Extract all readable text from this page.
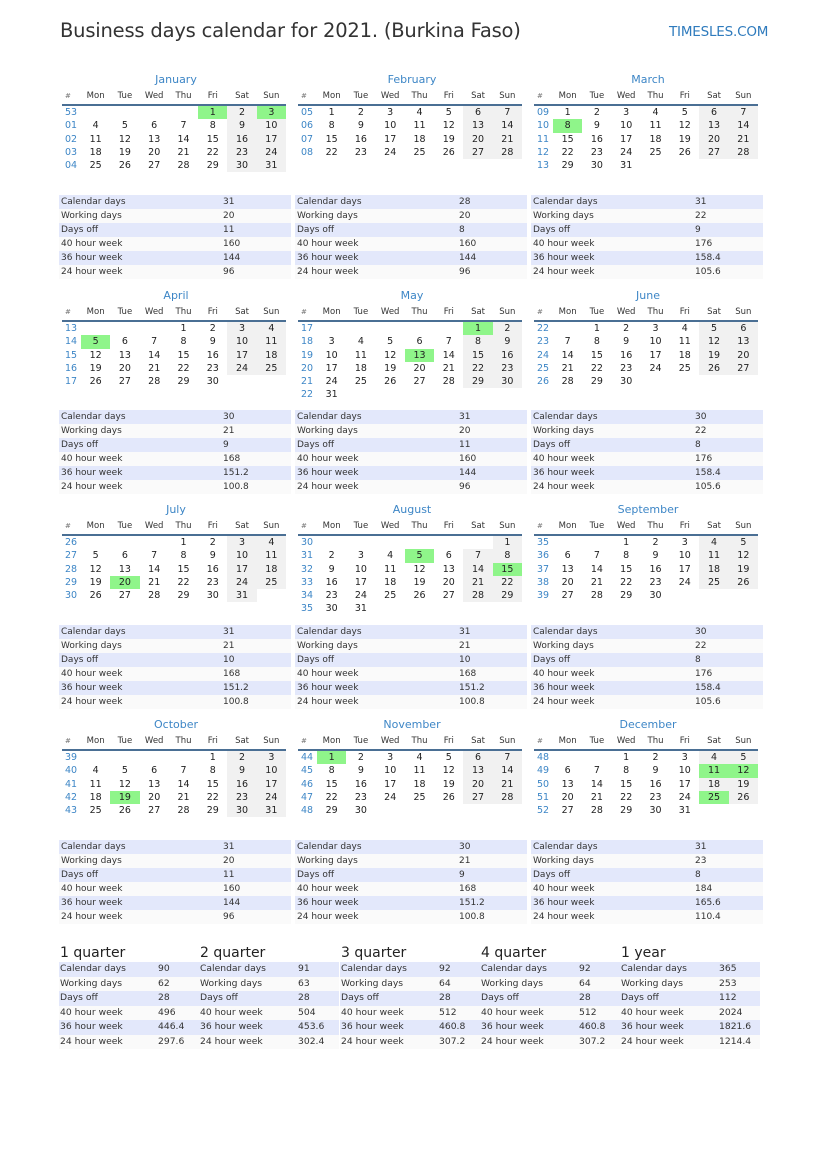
Business days calendar for 2021. (Burkina Faso)	TIMESLES.COM
January
#	Mon	Tue	Wed	Thu	Fri	Sat	Sun
53					1	2	3
01	4	5	6	7	8	9	10
02	11	12	13	14	15	16	17
03	18	19	20	21	22	23	24
04	25	26	27	28	29	30	31
Calendar days	31
Working days	20
Days off	11
40 hour week	160
36 hour week	144
24 hour week	96
February
#	Mon	Tue	Wed	Thu	Fri	Sat	Sun
05	1	2	3	4	5	6	7
06	8	9	10	11	12	13	14
07	15	16	17	18	19	20	21
08	22	23	24	25	26	27	28
Calendar days	28
Working days	20
Days off	8
40 hour week	160
36 hour week	144
24 hour week	96
March
#	Mon	Tue	Wed	Thu	Fri	Sat	Sun
09	1	2	3	4	5	6	7
10	8	9	10	11	12	13	14
11	15	16	17	18	19	20	21
12	22	23	24	25	26	27	28
13	29	30	31				
Calendar days	31
Working days	22
Days off	9
40 hour week	176
36 hour week	158.4
24 hour week	105.6
April
#	Mon	Tue	Wed	Thu	Fri	Sat	Sun
13				1	2	3	4
14	5	6	7	8	9	10	11
15	12	13	14	15	16	17	18
16	19	20	21	22	23	24	25
17	26	27	28	29	30		
Calendar days	30
Working days	21
Days off	9
40 hour week	168
36 hour week	151.2
24 hour week	100.8
May
#	Mon	Tue	Wed	Thu	Fri	Sat	Sun
17						1	2
18	3	4	5	6	7	8	9
19	10	11	12	13	14	15	16
20	17	18	19	20	21	22	23
21	24	25	26	27	28	29	30
22	31						
Calendar days	31
Working days	20
Days off	11
40 hour week	160
36 hour week	144
24 hour week	96
June
#	Mon	Tue	Wed	Thu	Fri	Sat	Sun
22		1	2	3	4	5	6
23	7	8	9	10	11	12	13
24	14	15	16	17	18	19	20
25	21	22	23	24	25	26	27
26	28	29	30				
Calendar days	30
Working days	22
Days off	8
40 hour week	176
36 hour week	158.4
24 hour week	105.6
July
#	Mon	Tue	Wed	Thu	Fri	Sat	Sun
26				1	2	3	4
27	5	6	7	8	9	10	11
28	12	13	14	15	16	17	18
29	19	20	21	22	23	24	25
30	26	27	28	29	30	31	
Calendar days	31
Working days	21
Days off	10
40 hour week	168
36 hour week	151.2
24 hour week	100.8
August
#	Mon	Tue	Wed	Thu	Fri	Sat	Sun
30							1
31	2	3	4	5	6	7	8
32	9	10	11	12	13	14	15
33	16	17	18	19	20	21	22
34	23	24	25	26	27	28	29
35	30	31					
Calendar days	31
Working days	21
Days off	10
40 hour week	168
36 hour week	151.2
24 hour week	100.8
September
#	Mon	Tue	Wed	Thu	Fri	Sat	Sun
35			1	2	3	4	5
36	6	7	8	9	10	11	12
37	13	14	15	16	17	18	19
38	20	21	22	23	24	25	26
39	27	28	29	30			
Calendar days	30
Working days	22
Days off	8
40 hour week	176
36 hour week	158.4
24 hour week	105.6
October
#	Mon	Tue	Wed	Thu	Fri	Sat	Sun
39					1	2	3
40	4	5	6	7	8	9	10
41	11	12	13	14	15	16	17
42	18	19	20	21	22	23	24
43	25	26	27	28	29	30	31
Calendar days	31
Working days	20
Days off	11
40 hour week	160
36 hour week	144
24 hour week	96
November
#	Mon	Tue	Wed	Thu	Fri	Sat	Sun
44	1	2	3	4	5	6	7
45	8	9	10	11	12	13	14
46	15	16	17	18	19	20	21
47	22	23	24	25	26	27	28
48	29	30					
Calendar days	30
Working days	21
Days off	9
40 hour week	168
36 hour week	151.2
24 hour week	100.8
December
#	Mon	Tue	Wed	Thu	Fri	Sat	Sun
48			1	2	3	4	5
49	6	7	8	9	10	11	12
50	13	14	15	16	17	18	19
51	20	21	22	23	24	25	26
52	27	28	29	30	31		
Calendar days	31
Working days	23
Days off	8
40 hour week	184
36 hour week	165.6
24 hour week	110.4
1 quarter
Calendar days	90
Working days	62
Days off	28
40 hour week	496
36 hour week	446.4
24 hour week	297.6
2 quarter
Calendar days	91
Working days	63
Days off	28
40 hour week	504
36 hour week	453.6
24 hour week	302.4
3 quarter
Calendar days	92
Working days	64
Days off	28
40 hour week	512
36 hour week	460.8
24 hour week	307.2
4 quarter
Calendar days	92
Working days	64
Days off	28
40 hour week	512
36 hour week	460.8
24 hour week	307.2
1 year
Calendar days	365
Working days	253
Days off	112
40 hour week	2024
36 hour week	1821.6
24 hour week	1214.4
